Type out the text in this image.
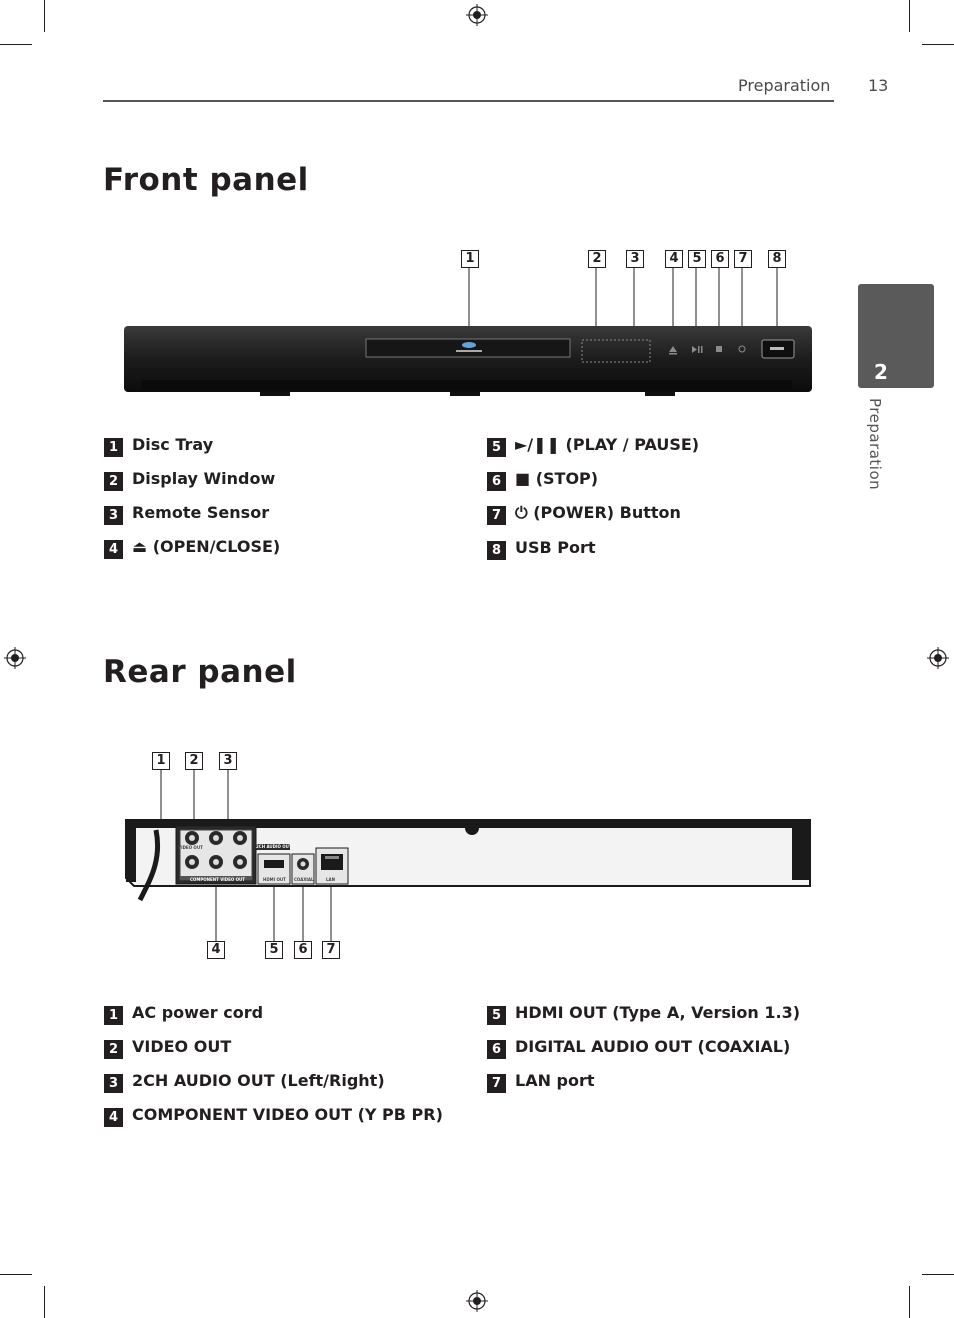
Preparation 13
2
Preparation
Front panel
1	2	3	4	5	6	7	8
1 Disc Tray
2 Display Window
3 Remote Sensor
4 ⏏ (OPEN/CLOSE)
5 ►/❚❚ (PLAY / PAUSE)
6 ■ (STOP)
7 ⏻ (POWER) Button
8 USB Port
Rear panel
1	2	3
4	5	6	7
VIDEO OUT	2CH AUDIO OUT
COMPONENT VIDEO OUT	HDMI OUT COAXIAL	LAN
1 AC power cord
2 VIDEO OUT
3 2CH AUDIO OUT (Left/Right)
4 COMPONENT VIDEO OUT (Y PB PR)
5 HDMI OUT (Type A, Version 1.3)
6 DIGITAL AUDIO OUT (COAXIAL)
7 LAN port
